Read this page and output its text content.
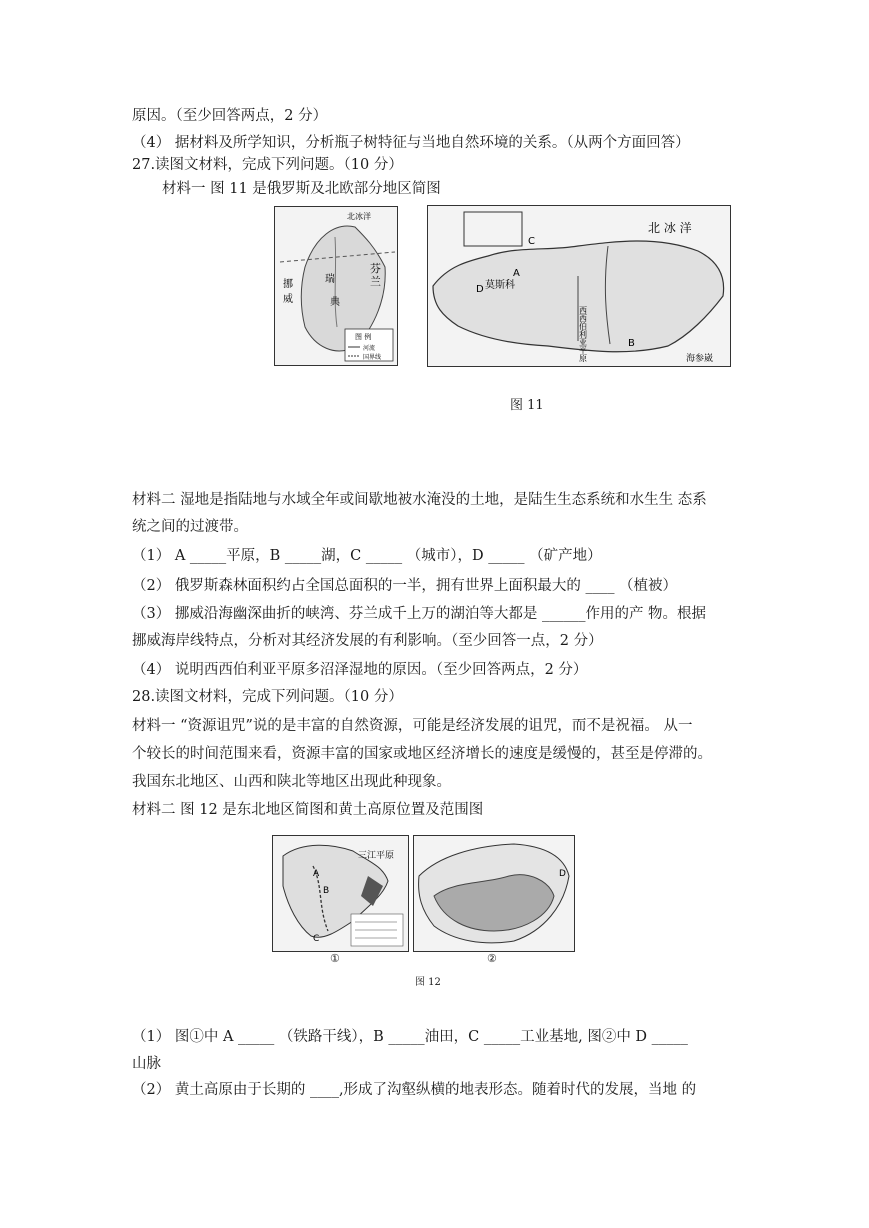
原因。（至少回答两点，2 分）
（4） 据材料及所学知识，分析瓶子树特征与当地自然环境的关系。（从两个方面回答）
27.读图文材料，完成下列问题。（10 分）
材料一 图 11 是俄罗斯及北欧部分地区简图
北冰洋
芬
兰
挪
威
瑞
典
图 例
河流
国界线
北 冰 洋
莫斯科
C
A
D
B
海参崴
西西伯利亚平原
图 11
材料二 湿地是指陆地与水域全年或间歇地被水淹没的土地，是陆生生态系统和水生生 态系
统之间的过渡带。
（1） A _____平原，B _____湖，C _____ （城市），D _____ （矿产地）
（2） 俄罗斯森林面积约占全国总面积的一半，拥有世界上面积最大的 ____ （植被）
（3） 挪威沿海幽深曲折的峡湾、芬兰成千上万的湖泊等大都是 ______作用的产 物。根据
挪威海岸线特点，分析对其经济发展的有利影响。（至少回答一点，2 分）
（4） 说明西西伯利亚平原多沼泽湿地的原因。（至少回答两点，2 分）
28.读图文材料，完成下列问题。（10 分）
材料一 “资源诅咒”说的是丰富的自然资源，可能是经济发展的诅咒，而不是祝福。 从一
个较长的时间范围来看，资源丰富的国家或地区经济增长的速度是缓慢的，甚至是停滞的。
我国东北地区、山西和陕北等地区出现此种现象。
材料二 图 12 是东北地区简图和黄土高原位置及范围图
三江平原
A
B
C
①
D
②
图 12
（1） 图①中 A _____ （铁路干线），B _____油田，C _____工业基地, 图②中 D _____
山脉
（2） 黄土高原由于长期的 ____,形成了沟壑纵横的地表形态。随着时代的发展，当地 的
